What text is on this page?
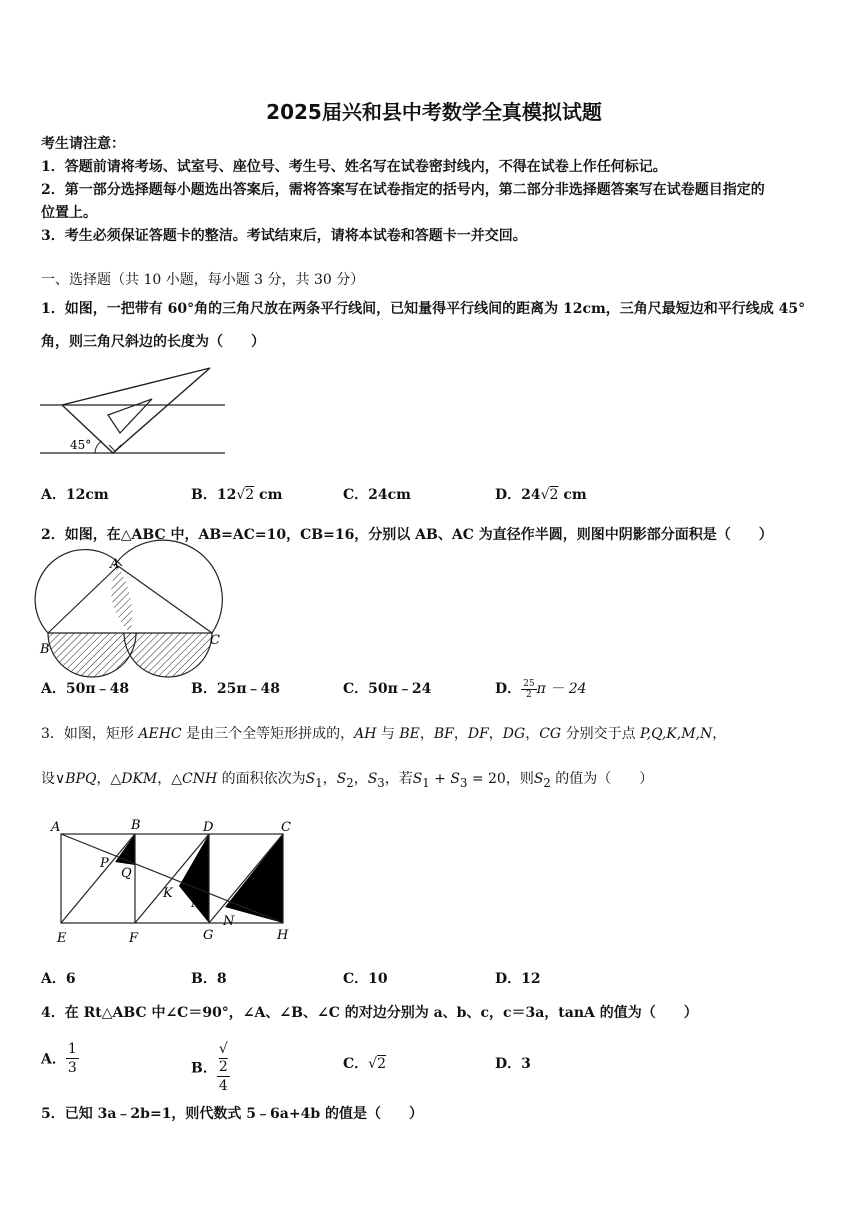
2025届兴和县中考数学全真模拟试题
考生请注意：
1．答题前请将考场、试室号、座位号、考生号、姓名写在试卷密封线内，不得在试卷上作任何标记。
2．第一部分选择题每小题选出答案后，需将答案写在试卷指定的括号内，第二部分非选择题答案写在试卷题目指定的
位置上。
3．考生必须保证答题卡的整洁。考试结束后，请将本试卷和答题卡一并交回。
一、选择题（共 10 小题，每小题 3 分，共 30 分）
1．如图，一把带有 60°角的三角尺放在两条平行线间，已知量得平行线间的距离为 12cm，三角尺最短边和平行线成 45°
角，则三角尺斜边的长度为（　　）
45°
A．12cm	B．12√2 cm	C．24cm	D．24√2 cm
2．如图，在△ABC 中，AB=AC=10，CB=16，分别以 AB、AC 为直径作半圆，则图中阴影部分面积是（　　）
A
B
C
A．50π﹣48	B．25π﹣48	C．50π﹣24	D． $\frac{25}{2}$ π － 24
3．如图，矩形 AEHC 是由三个全等矩形拼成的，AH 与 BE，BF，DF，DG，CG 分别交于点 P,Q,K,M,N，
设∨BPQ，△DKM，△CNH 的面积依次为$S_1$，$S_2$，$S_3$，若$S_1 + S_3 = 20$，则$S_2$ 的值为（　　）
A	B	D	C
P
Q
K
M
N
E	F	G	H
A．6	B．8	C．10	D．12
4．在 Rt△ABC 中∠C＝90°，∠A、∠B、∠C 的对边分别为 a、b、c，c＝3a，tanA 的值为（　　）
A． $\frac{1}{3}$	B． √
2
4	C．√2	D．3
5．已知 3a﹣2b=1，则代数式 5﹣6a+4b 的值是（　　）
